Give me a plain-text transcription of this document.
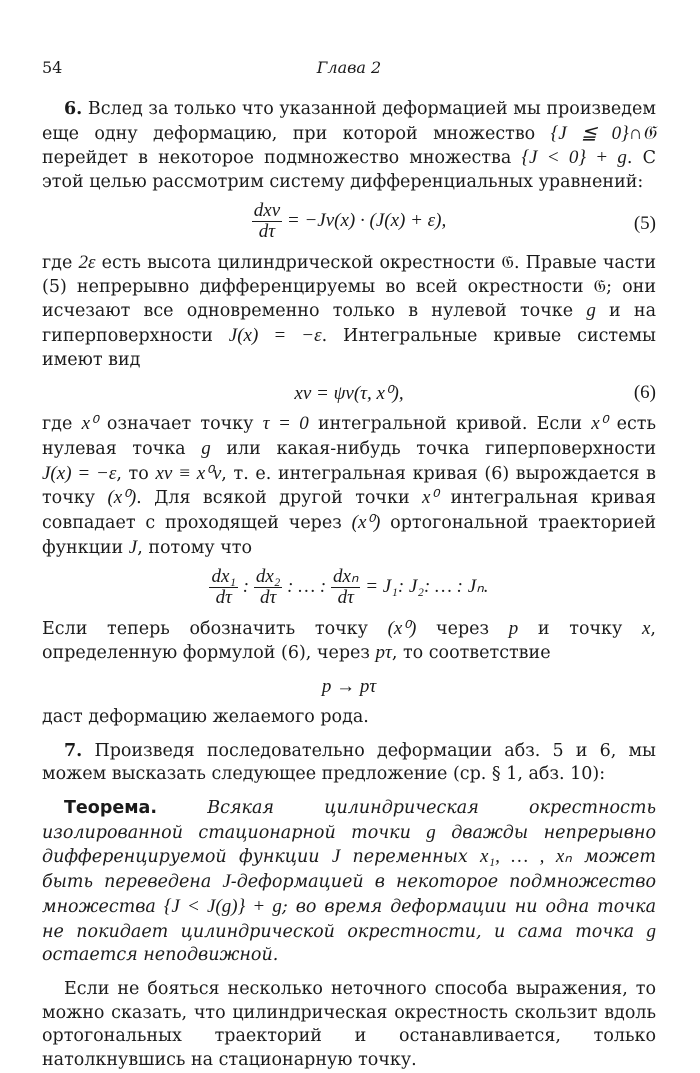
54	Глава 2

6. Вслед за только что указанной деформацией мы произведем еще одну деформацию, при которой множество {J ≦ 0}∩𝔊 перейдет в некоторое подмножество множества {J < 0} + g. С этой целью рассмотрим систему дифференциальных уравнений:

$\frac{\text{dxν}}{d\tau} = -J\nu(x) \cdot (J(x) + \varepsilon)$,	(5)

где 2ε есть высота цилиндрической окрестности 𝔊. Правые части (5) непрерывно дифференцируемы во всей окрестности 𝔊; они исчезают все одновременно только в нулевой точке g и на гиперповерхности J(x) = −ε. Интегральные кривые системы имеют вид

xν = ψν(τ, x⁰),	(6)

где x⁰ означает точку τ = 0 интегральной кривой. Если x⁰ есть нулевая точка g или какая-нибудь точка гиперповерхности J(x) = −ε, то xν ≡ x⁰ν, т. е. интегральная кривая (6) вырождается в точку (x⁰). Для всякой другой точки x⁰ интегральная кривая совпадает с проходящей через (x⁰) ортогональной траекторией функции J, потому что

$\frac{\text{dx₁}}{d\tau}$ : $\frac{\text{dx₂}}{d\tau}$ : … : $\frac{\text{dxₙ}}{d\tau} = J_1$: J₂: … : Jₙ.

Если теперь обозначить точку (x⁰) через p и точку x, определенную формулой (6), через pτ, то соответствие

p → pτ

даст деформацию желаемого рода.

7. Произведя последовательно деформации абз. 5 и 6, мы можем высказать следующее предложение (ср. § 1, абз. 10):

Теорема.	Всякая цилиндрическая окрестность изолированной стационарной точки g дважды непрерывно дифференцируемой функции J переменных x₁, … , xₙ может быть переведена J-деформацией в некоторое подмножество множества {J < J(g)} + g; во время деформации ни одна точка не покидает цилиндрической окрестности, и сама точка g остается неподвижной.

Если не бояться несколько неточного способа выражения, то можно сказать, что цилиндрическая окрестность скользит вдоль ортогональных траекторий и останавливается, только натолкнувшись на стационарную точку.
